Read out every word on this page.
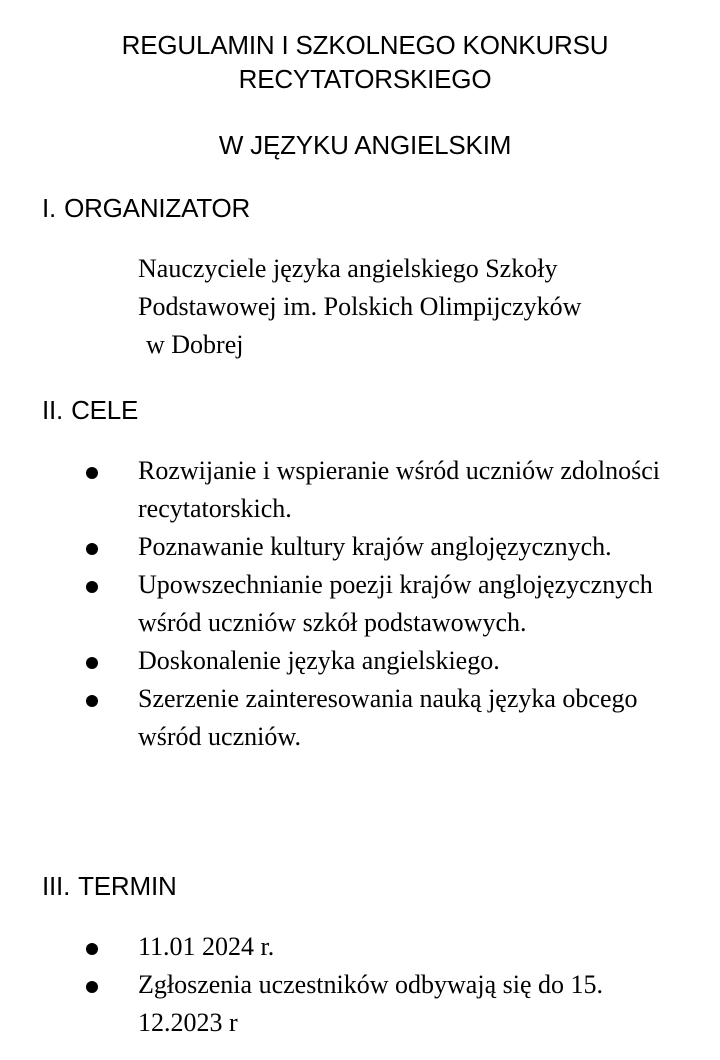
REGULAMIN I SZKOLNEGO KONKURSU RECYTATORSKIEGO
W JĘZYKU ANGIELSKIM
I. ORGANIZATOR
Nauczyciele języka angielskiego Szkoły
Podstawowej im. Polskich Olimpijczyków
w Dobrej
II. CELE
Rozwijanie i wspieranie wśród uczniów zdolności recytatorskich.
Poznawanie kultury krajów anglojęzycznych.
Upowszechnianie poezji krajów anglojęzycznych wśród uczniów szkół podstawowych.
Doskonalenie języka angielskiego.
Szerzenie zainteresowania nauką języka obcego wśród uczniów.
III. TERMIN
11.01 2024 r.
Zgłoszenia uczestników odbywają się do 15. 12.2023 r
